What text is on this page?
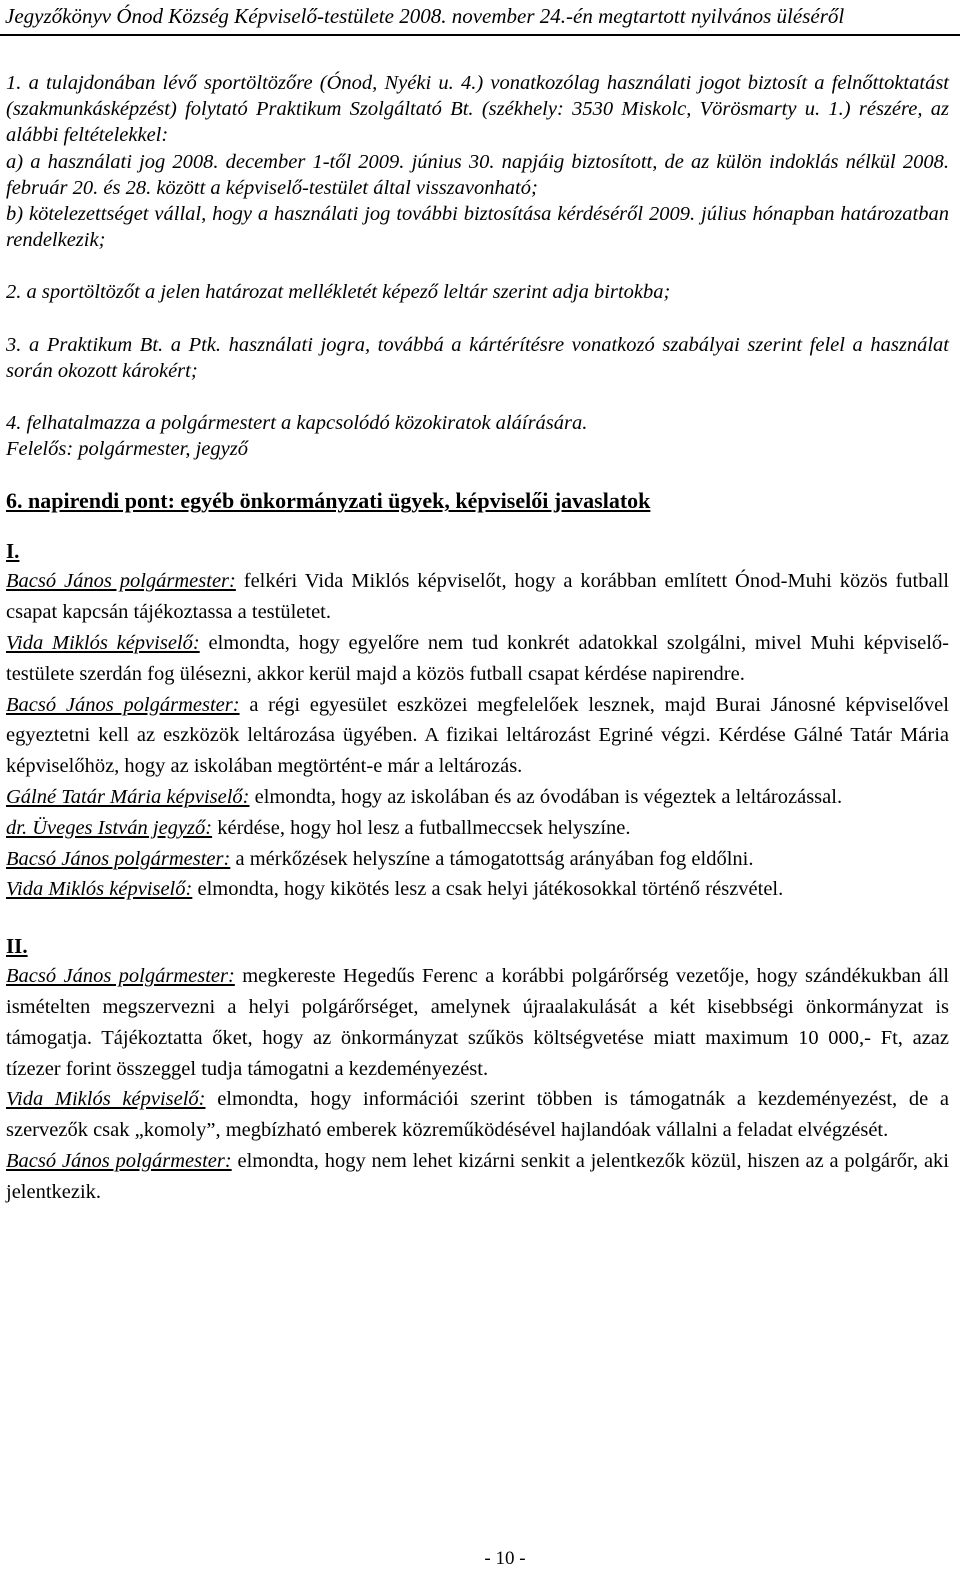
Jegyzőkönyv Ónod Község Képviselő-testülete 2008. november 24.-én megtartott nyilvános üléséről

1. a tulajdonában lévő sportöltözőre (Ónod, Nyéki u. 4.) vonatkozólag használati jogot biztosít a felnőttoktatást (szakmunkásképzést) folytató Praktikum Szolgáltató Bt. (székhely: 3530 Miskolc, Vörösmarty u. 1.) részére, az alábbi feltételekkel:

a) a használati jog 2008. december 1-től 2009. június 30. napjáig biztosított, de az külön indoklás nélkül 2008. február 20. és 28. között a képviselő-testület által visszavonható;

b) kötelezettséget vállal, hogy a használati jog további biztosítása kérdéséről 2009. július hónapban határozatban rendelkezik;

2. a sportöltözőt a jelen határozat mellékletét képező leltár szerint adja birtokba;

3. a Praktikum Bt. a Ptk. használati jogra, továbbá a kártérítésre vonatkozó szabályai szerint felel a használat során okozott károkért;

4. felhatalmazza a polgármestert a kapcsolódó közokiratok aláírására.

Felelős: polgármester, jegyző

6. napirendi pont: egyéb önkormányzati ügyek, képviselői javaslatok

I.

Bacsó János polgármester: felkéri Vida Miklós képviselőt, hogy a korábban említett Ónod-Muhi közös futball csapat kapcsán tájékoztassa a testületet.

Vida Miklós képviselő: elmondta, hogy egyelőre nem tud konkrét adatokkal szolgálni, mivel Muhi képviselő-testülete szerdán fog ülésezni, akkor kerül majd a közös futball csapat kérdése napirendre.

Bacsó János polgármester: a régi egyesület eszközei megfelelőek lesznek, majd Burai Jánosné képviselővel egyeztetni kell az eszközök leltározása ügyében. A fizikai leltározást Egriné végzi. Kérdése Gálné Tatár Mária képviselőhöz, hogy az iskolában megtörtént-e már a leltározás.

Gálné Tatár Mária képviselő: elmondta, hogy az iskolában és az óvodában is végeztek a leltározással.

dr. Üveges István jegyző: kérdése, hogy hol lesz a futballmeccsek helyszíne.

Bacsó János polgármester: a mérkőzések helyszíne a támogatottság arányában fog eldőlni.

Vida Miklós képviselő: elmondta, hogy kikötés lesz a csak helyi játékosokkal történő részvétel.

II.

Bacsó János polgármester: megkereste Hegedűs Ferenc a korábbi polgárőrség vezetője, hogy szándékukban áll ismételten megszervezni a helyi polgárőrséget, amelynek újraalakulását a két kisebbségi önkormányzat is támogatja. Tájékoztatta őket, hogy az önkormányzat szűkös költségvetése miatt maximum 10 000,- Ft, azaz tízezer forint összeggel tudja támogatni a kezdeményezést.

Vida Miklós képviselő: elmondta, hogy információi szerint többen is támogatnák a kezdeményezést, de a szervezők csak „komoly”, megbízható emberek közreműködésével hajlandóak vállalni a feladat elvégzését.

Bacsó János polgármester: elmondta, hogy nem lehet kizárni senkit a jelentkezők közül, hiszen az a polgárőr, aki jelentkezik.

- 10 -
